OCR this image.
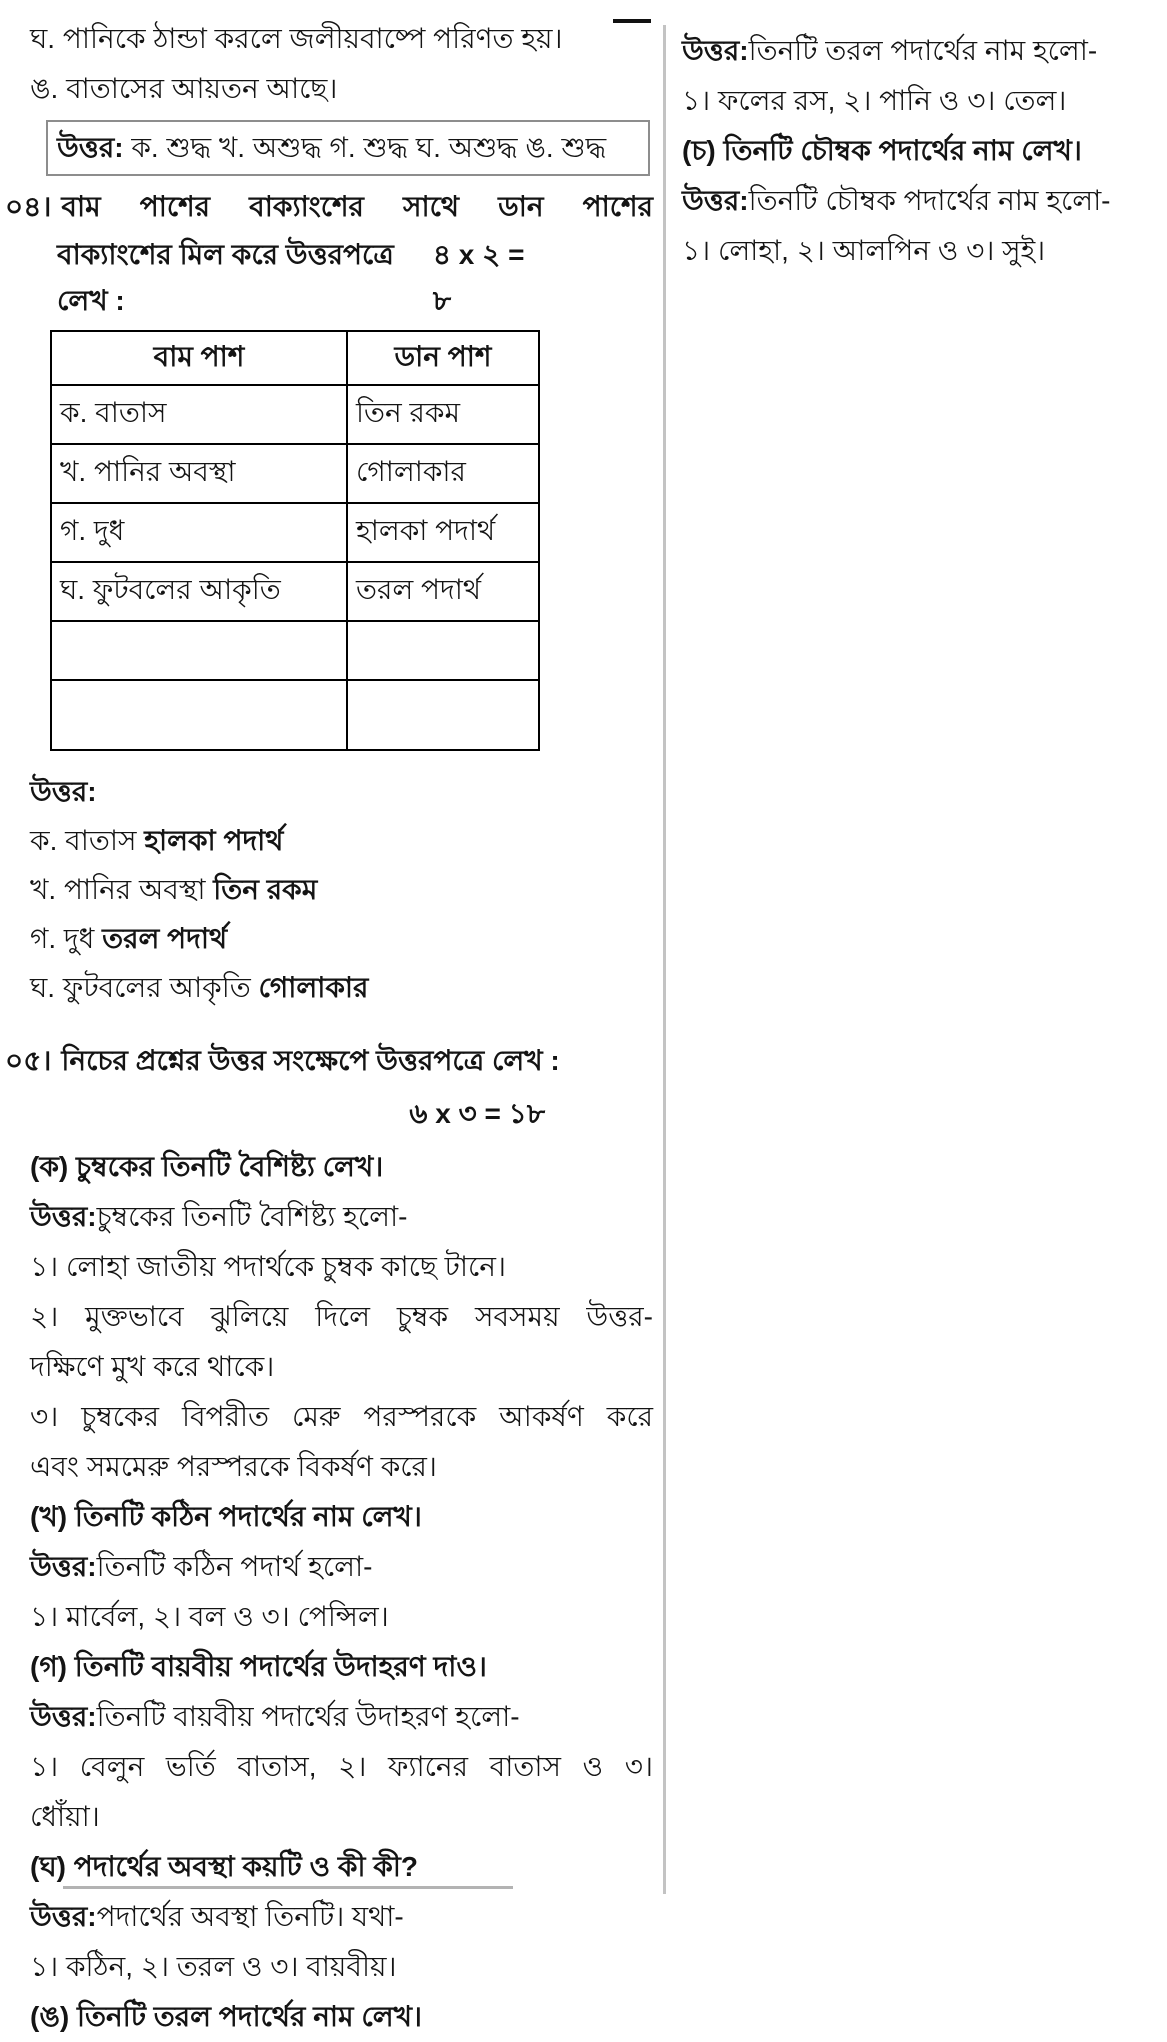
ঘ. পানিকে ঠান্ডা করলে জলীয়বাষ্পে পরিণত হয়।
ঙ. বাতাসের আয়তন আছে।
উত্তর: ক. শুদ্ধ খ. অশুদ্ধ গ. শুদ্ধ ঘ. অশুদ্ধ ঙ. শুদ্ধ
০৪। বাম পাশের বাক্যাংশের সাথে ডান পাশের
বাক্যাংশের মিল করে উত্তরপত্রে লেখ :
৪ x ২ = ৮
বাম পাশ	ডান পাশ
ক. বাতাস	তিন রকম
খ. পানির অবস্থা	গোলাকার
গ. দুধ	হালকা পদার্থ
ঘ. ফুটবলের আকৃতি	তরল পদার্থ

উত্তর:
ক. বাতাস হালকা পদার্থ
খ. পানির অবস্থা তিন রকম
গ. দুধ তরল পদার্থ
ঘ. ফুটবলের আকৃতি গোলাকার
০৫। নিচের প্রশ্নের উত্তর সংক্ষেপে উত্তরপত্রে লেখ :
৬ x ৩ = ১৮
(ক) চুম্বকের তিনটি বৈশিষ্ট্য লেখ।
উত্তর:চুম্বকের তিনটি বৈশিষ্ট্য হলো-
১। লোহা জাতীয় পদার্থকে চুম্বক কাছে টানে।
২। মুক্তভাবে ঝুলিয়ে দিলে চুম্বক সবসময় উত্তর-
দক্ষিণে মুখ করে থাকে।
৩। চুম্বকের বিপরীত মেরু পরস্পরকে আকর্ষণ করে
এবং সমমেরু পরস্পরকে বিকর্ষণ করে।
(খ) তিনটি কঠিন পদার্থের নাম লেখ।
উত্তর:তিনটি কঠিন পদার্থ হলো-
১। মার্বেল, ২। বল ও ৩। পেন্সিল।
(গ) তিনটি বায়বীয় পদার্থের উদাহরণ দাও।
উত্তর:তিনটি বায়বীয় পদার্থের উদাহরণ হলো-
১। বেলুন ভর্তি বাতাস, ২। ফ্যানের বাতাস ও ৩।
ধোঁয়া।
(ঘ) পদার্থের অবস্থা কয়টি ও কী কী?
উত্তর:পদার্থের অবস্থা তিনটি। যথা-
১। কঠিন, ২। তরল ও ৩। বায়বীয়।
(ঙ) তিনটি তরল পদার্থের নাম লেখ।
উত্তর:তিনটি তরল পদার্থের নাম হলো-
১। ফলের রস, ২। পানি ও ৩। তেল।
(চ) তিনটি চৌম্বক পদার্থের নাম লেখ।
উত্তর:তিনটি চৌম্বক পদার্থের নাম হলো-
১। লোহা, ২। আলপিন ও ৩। সুই।
